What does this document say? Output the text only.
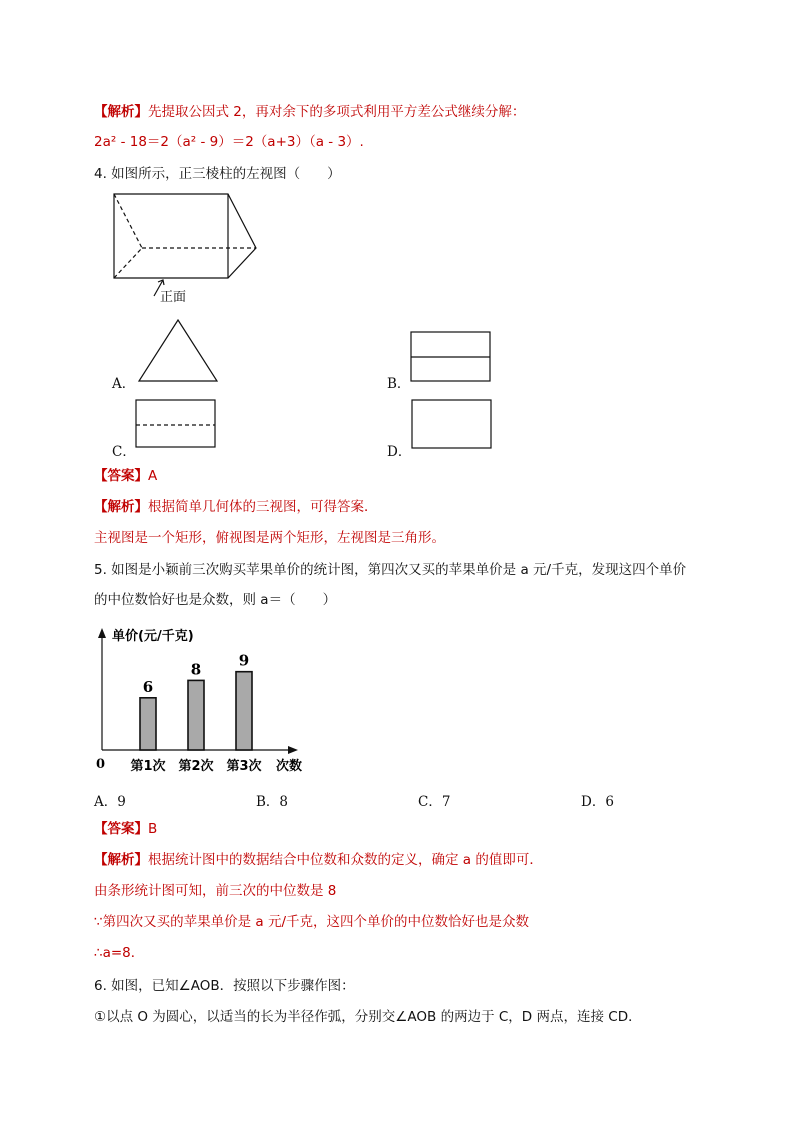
【解析】先提取公因式 2，再对余下的多项式利用平方差公式继续分解：
2a² - 18＝2（a² - 9）＝2（a+3）（a - 3）.
4. 如图所示，正三棱柱的左视图（　　）
正面
A．	B．
C．	D．
【答案】A
【解析】根据简单几何体的三视图，可得答案．
主视图是一个矩形，俯视图是两个矩形，左视图是三角形。
5. 如图是小颖前三次购买苹果单价的统计图，第四次又买的苹果单价是 a 元/千克，发现这四个单价
的中位数恰好也是众数，则 a＝（　　）
6
8	9
第1次 第2次 第3次
单价(元/千克)
次数
0
A．9	B．8	C．7	D．6
【答案】B
【解析】根据统计图中的数据结合中位数和众数的定义，确定 a 的值即可．
由条形统计图可知，前三次的中位数是 8
∵第四次又买的苹果单价是 a 元/千克，这四个单价的中位数恰好也是众数
∴a=8．
6. 如图，已知∠AOB．按照以下步骤作图：
①以点 O 为圆心，以适当的长为半径作弧，分别交∠AOB 的两边于 C，D 两点，连接 CD．
